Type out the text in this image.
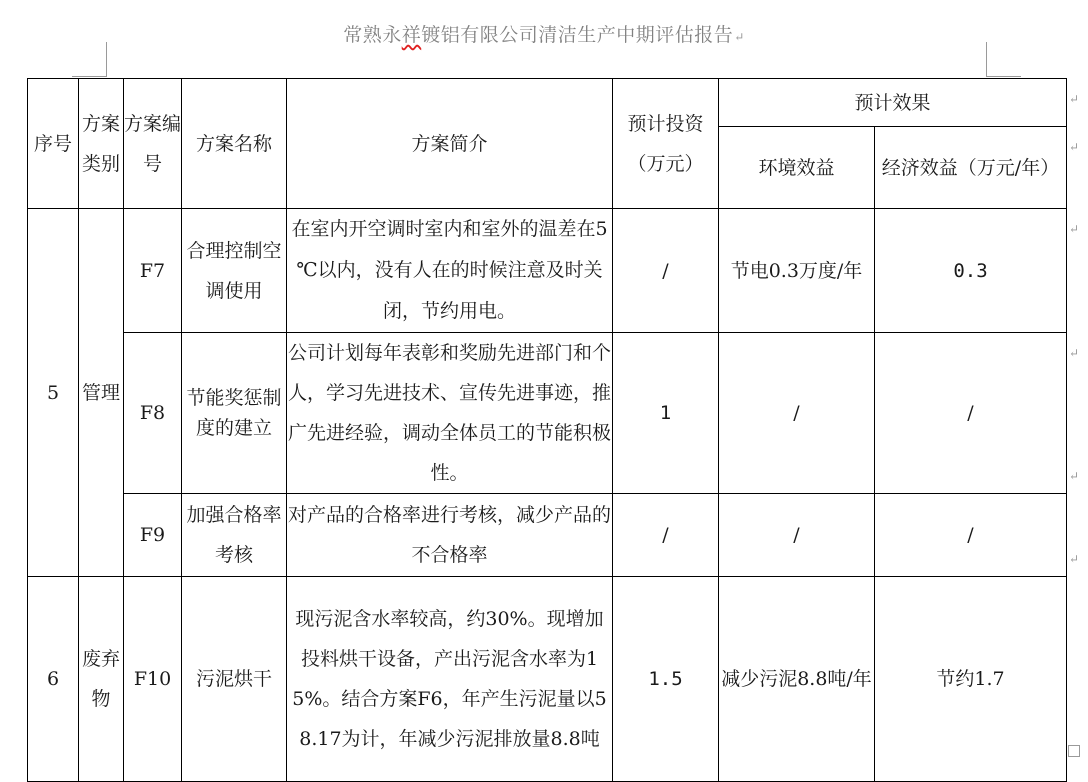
常熟永祥镀铝有限公司清洁生产中期评估报告↵
序号	方案类别	方案编号	方案名称	方案简介	预计投资（万元）	预计效果	
						环境效益	经济效益（万元/年）
5	管理	F7	合理控制空调使用	在室内开空调时室内和室外的温差在5 ℃以内，没有人在的时候注意及时关闭，节约用电。	/	节电0.3万度/年	0.3
		F8	节能奖惩制度的建立	公司计划每年表彰和奖励先进部门和个人，学习先进技术、宣传先进事迹，推广先进经验，调动全体员工的节能积极性。	1	/	/
		F9	加强合格率考核	对产品的合格率进行考核，减少产品的不合格率	/	/	/
6	废弃物	F10	污泥烘干	现污泥含水率较高，约30%。现增加投料烘干设备，产出污泥含水率为15%。结合方案F6，年产生污泥量以58.17为计，年减少污泥排放量8.8吨	1.5	减少污泥8.8吨/年	节约1.7
↵
↵
↵
↵
↵
↵
